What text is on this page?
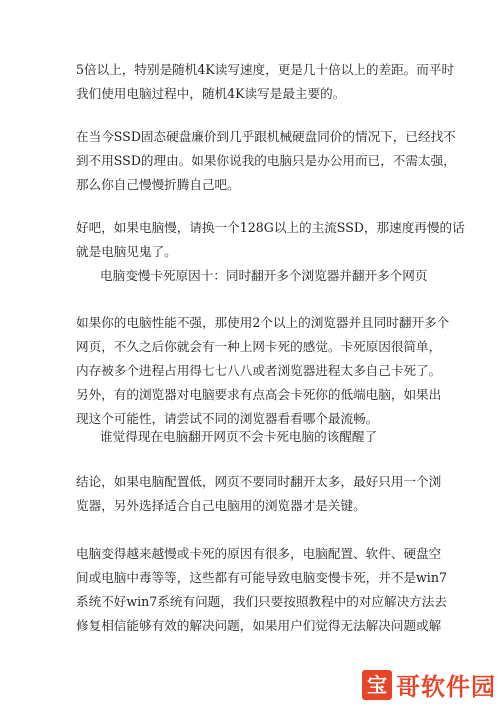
5倍以上，特别是随机4K读写速度，更是几十倍以上的差距。而平时
我们使用电脑过程中，随机4K读写是最主要的。
在当今SSD固态硬盘廉价到几乎跟机械硬盘同价的情况下，已经找不
到不用SSD的理由。如果你说我的电脑只是办公用而已，不需太强，
那么你自己慢慢折腾自己吧。
好吧，如果电脑慢，请换一个128G以上的主流SSD，那速度再慢的话
就是电脑见鬼了。
电脑变慢卡死原因十：同时翻开多个浏览器并翻开多个网页
如果你的电脑性能不强，那使用2个以上的浏览器并且同时翻开多个
网页，不久之后你就会有一种上网卡死的感觉。卡死原因很简单，
内存被多个进程占用得七七八八或者浏览器进程太多自己卡死了。
另外，有的浏览器对电脑要求有点高会卡死你的低端电脑，如果出
现这个可能性，请尝试不同的浏览器看看哪个最流畅。
谁觉得现在电脑翻开网页不会卡死电脑的该醒醒了
结论，如果电脑配置低，网页不要同时翻开太多，最好只用一个浏
览器，另外选择适合自己电脑用的浏览器才是关键。
电脑变得越来越慢或卡死的原因有很多，电脑配置、软件、硬盘空
间或电脑中毒等等，这些都有可能导致电脑变慢卡死，并不是win7
系统不好win7系统有问题，我们只要按照教程中的对应解决方法去
修复相信能够有效的解决问题，如果用户们觉得无法解决问题或解
宝 哥软件园
